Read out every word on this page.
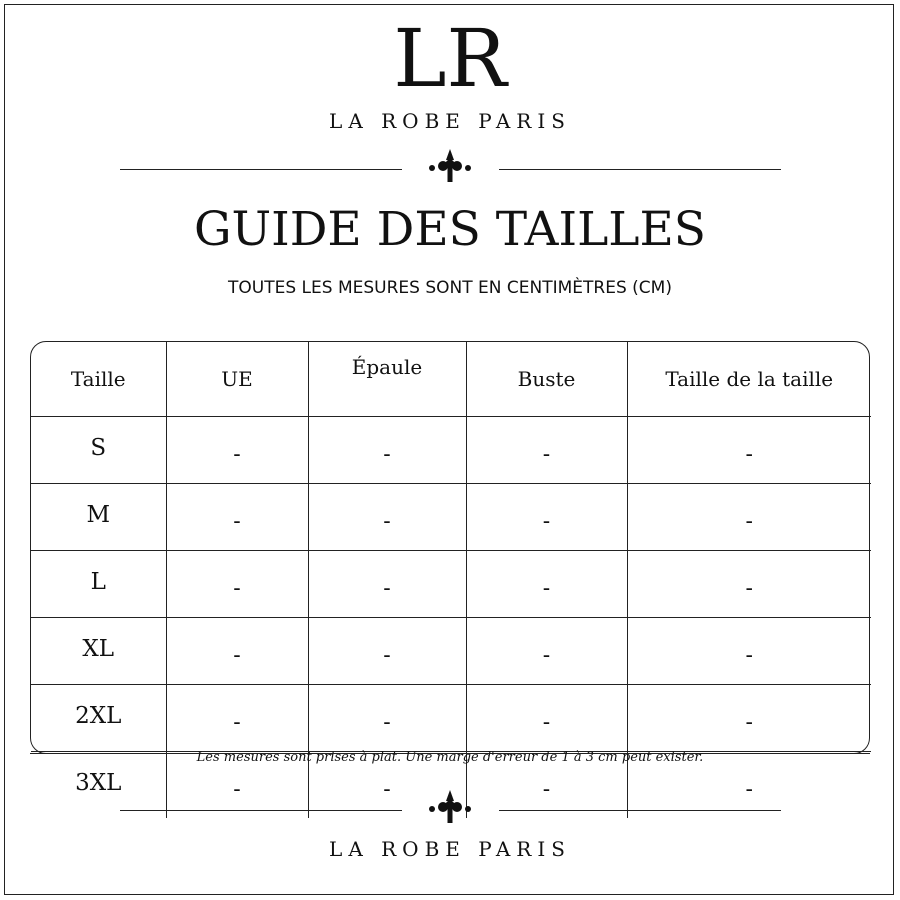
LR
LA ROBE PARIS
GUIDE DES TAILLES
TOUTES LES MESURES SONT EN CENTIMÈTRES (CM)
Taille	UE	Épaule	Buste	Taille de la taille
S	-	-	-	-
M	-	-	-	-
L	-	-	-	-
XL	-	-	-	-
2XL	-	-	-	-
3XL	-	-	-	-
Les mesures sont prises à plat. Une marge d'erreur de 1 à 3 cm peut exister.
LA ROBE PARIS
